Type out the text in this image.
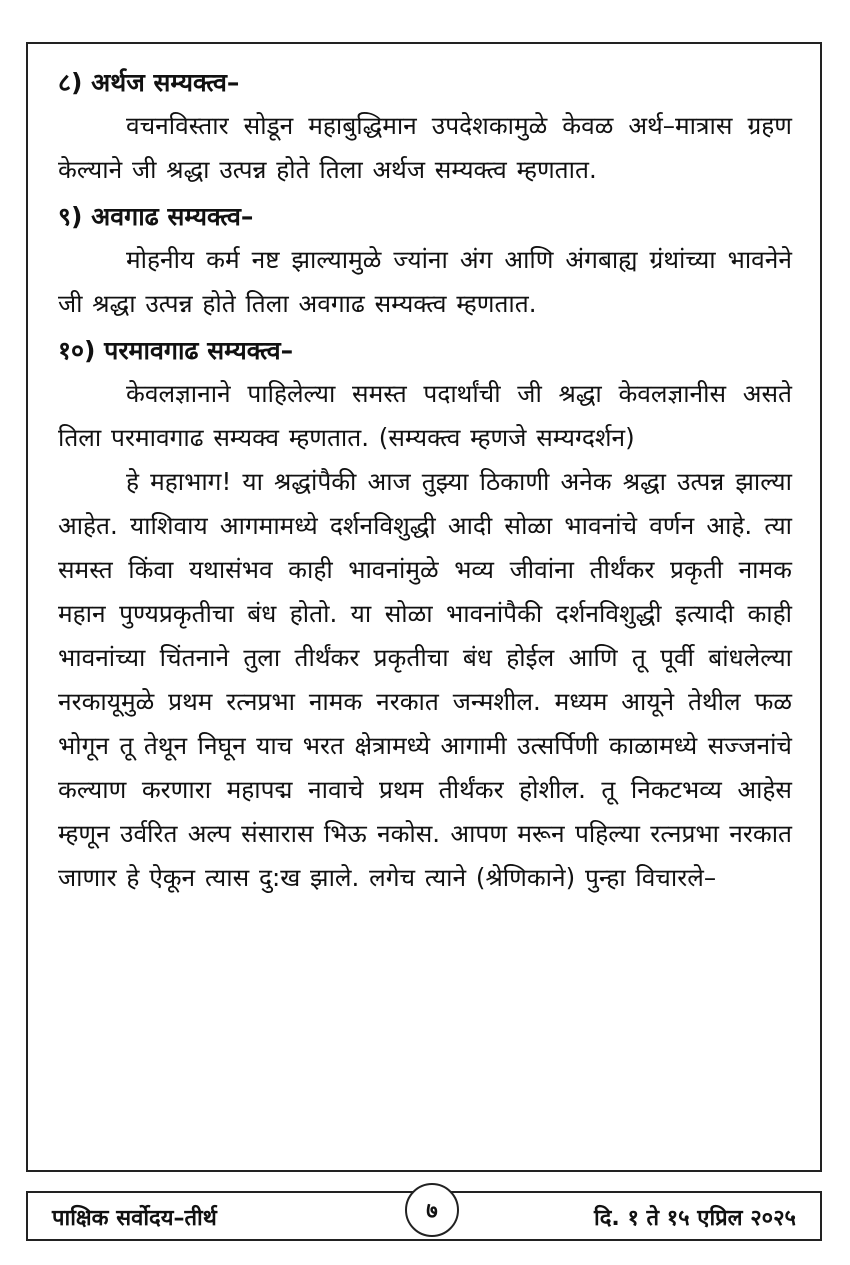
८) अर्थज सम्यक्त्व–

वचनविस्तार सोडून महाबुद्धिमान उपदेशकामुळे केवळ अर्थ–मात्रास ग्रहण केल्याने जी श्रद्धा उत्पन्न होते तिला अर्थज सम्यक्त्व म्हणतात.

९) अवगाढ सम्यक्त्व–

मोहनीय कर्म नष्ट झाल्यामुळे ज्यांना अंग आणि अंगबाह्य ग्रंथांच्या भावनेने जी श्रद्धा उत्पन्न होते तिला अवगाढ सम्यक्त्व म्हणतात.

१०) परमावगाढ सम्यक्त्व–

केवलज्ञानाने पाहिलेल्या समस्त पदार्थांची जी श्रद्धा केवलज्ञानीस असते तिला परमावगाढ सम्यक्व म्हणतात. (सम्यक्त्व म्हणजे सम्यग्दर्शन)

हे महाभाग! या श्रद्धांपैकी आज तुझ्या ठिकाणी अनेक श्रद्धा उत्पन्न झाल्या आहेत. याशिवाय आगमामध्ये दर्शनविशुद्धी आदी सोळा भावनांचे वर्णन आहे. त्या समस्त किंवा यथासंभव काही भावनांमुळे भव्य जीवांना तीर्थंकर प्रकृती नामक महान पुण्यप्रकृतीचा बंध होतो. या सोळा भावनांपैकी दर्शनविशुद्धी इत्यादी काही भावनांच्या चिंतनाने तुला तीर्थंकर प्रकृतीचा बंध होईल आणि तू पूर्वी बांधलेल्या नरकायूमुळे प्रथम रत्नप्रभा नामक नरकात जन्मशील. मध्यम आयूने तेथील फळ भोगून तू तेथून निघून याच भरत क्षेत्रामध्ये आगामी उत्सर्पिणी काळामध्ये सज्जनांचे कल्याण करणारा महापद्म नावाचे प्रथम तीर्थंकर होशील. तू निकटभव्य आहेस म्हणून उर्वरित अल्प संसारास भिऊ नकोस. आपण मरून पहिल्या रत्नप्रभा नरकात जाणार हे ऐकून त्यास दु:ख झाले. लगेच त्याने (श्रेणिकाने) पुन्हा विचारले–

पाक्षिक सर्वोदय–तीर्थ	७	दि. १ ते १५ एप्रिल २०२५
